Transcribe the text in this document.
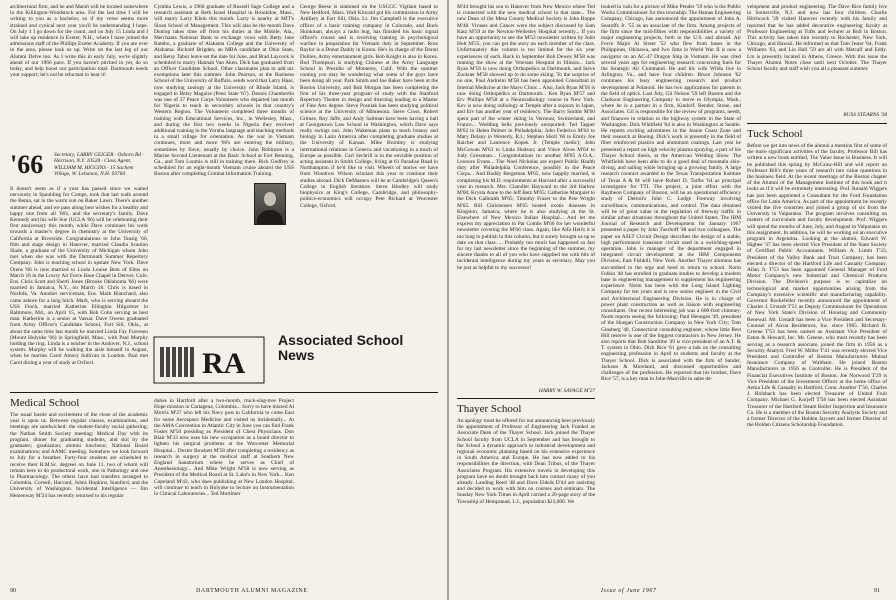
architectural firm, and he and Marsh will be located somewhere in the Killington-Woodstock area. For the last time I will be writing to you as a bachelor, so if my verse seems more strained and cynical next year you'll be understanding I hope. On July 1 I go down for the count, and on July 15 Linda and I will take up residence in Exeter, N.H., where I have joined the admissions staff of the Phillips Exeter Academy. If you are ever in the area, please look us up. Write on the last leg of our Alumni Delve too. As I write this in early July, we're slightly ahead of our 1966 pace. If you haven't pitched in yet, do so today, and help boost our participation total. Dartmouth needs your support; let's not be reluctant to hear it!
'66 Secretary, LARRY GEIGER · Osborn Rd · Harrison, N.Y. 10528 · Class Agent, WILLIAM M. HIGGINS · 15 Sachem Village, W. Lebanon, N.H. 03784
It doesn't seem as if a year has passed since we waited nervously in Spaulding for Comps, took that last walk around the Bema, sat in the warm sun on Baker Lawn. There's another summer ahead, and we pass along best wishes for a healthy and happy one from all '66's, and the secretary's family. Dave Kennedy and his wife Sue (UCLA '66) will be celebrating their first anniversary this month, while Dave continues his work towards a master's degree in chemistry at the University of California at Riverside. Congratulations to John Tausig '66, film and stage design in Hanover, married Claudia Scanlon Slade, a graduate of the University of Michigan whom John met when she was with the Dartmouth Summer Repertory Company. John is teaching school in upstate New York. Dave Orens '66 is now married to Linda Louise Bent of Elms on March 16 in the Lowry Air Force Base Chapel in Denver, Colo. Ens. Chris Scott and Sherri Jones (Brooks Oklahoma '66) were married in Jamaica, N.Y., on March 18. Chris is based in Norfolk, Va. Another serviceman, Ens. Mark Blanchard, also came ashore for a long hitch. Mark, who is serving aboard the USS Finch, married Katherine Ellington Hilgartner in Baltimore, Md., on April 15, with Bob Cohn serving as best man. Katherine is a senior at Vassar. Dave Owens graduated from Army Officer's Candidate School, Fort Sill, Okla., at about the same time last month he married Linda Fay Fravesen (Mount Holyoke '66) in Springfield, Mass., with Paul Murphy holding the ring. Linda is a teacher in the Andover, N.J., school system. Murphy will be walking the aisle himself in August, when he marries Carol Amory Sullivan in London. Paul met Carol during a year of study at Oxford.
Cynthia Lewis, a 1966 graduate of Russell Sage College and a research assistant at Beth Israel Hospital in Brookline, Mass., will marry Larry Klein this month. Larry is nearby at MIT's Sloan School of Management. This will also be the month Dave Dunlop takes time off from his duties at the Mobile, Ala., Merchants National Bank to exchange vows with Betty Jane Rambo, a graduate of Alabama College and the University of Alabama. Richard Brigden, an MBA candidate at Ohio State, and Betsy Tabor leave set the date for June, and Brad Laycock is scheduled to marry Hannah Van Aken. Dick has graduated from an Officer Candidate School. Other classmates plan to add tax exemptions later this summer. John Pearson, at the Business School of the University of Buffalo, sends word that Larry Haas, now studying zoology at the University of Rhode Island, is engaged to Betsy Maguire (Penn State '67). Dennis Chamberlin was one of 37 Peace Corps Volunteers who departed last month for Nigeria to teach in secondary schools in that country's Western Region. The Volunteers completed three months of training with Educational Services, Inc., in Wellesley, Mass., and during the first two weeks in Nigeria they received additional training in the Yoruba language and teaching methods in a small village for orientation. As the war in Vietnam continues, more and more '66's are entering the military, sometimes by force, usually by choice. John Robinson is a Marine Second Lieutenant at the Basic School at Fort Benning, Ga., and Tom Loomis is still in training there. Rick Godfrey is scheduled for an eight-month Vietnam cruise aboard the USS Boston after completing Combat Information Training.
George Reese is stationed on the USCGC Vigilant based in New Bedford, Mass. Walt Kincaid got his commission in Army Artillery at Fort Sill, Okla. Lt. Jim Campbell is the executive officer of a basic training company in Colorado, and Buck Skinkman, always a radio bug, has finished his basic signal officer's course and is receiving training in psychological warfare in preparation for Vietnam duty in September. Ross Baylor is a Donut Daddy in Korea. He's in charge of the Donut Dollies, Army entertainment girls. Bob Knight is also in Korea. Rod Thompson is studying Chinese at the Army Language School in Presidio of Monterey, Calif. With the summer coming you may be wondering what some of the guys have been doing all year. Park Smith and Joe Baker have been at the Boston University, and Bob Morgan has been completing the first of his three-year program of study with the Stanford Repertory Theater in design and directing leading to a Master of Fine Arts degree. Steve Posniak has been studying political science at the University of Minnesota. Steve Cross, Robert Grimes, Roy Jaffe, and Andy Saltman have been having a ball at Georgetown Law School in Washington, which Dave says really swings out. John Wakeman plans to teach botany and biology in Latin America after completing graduate studies at the University of Kansas. Mike Bromley is studying international relations in Geneva and vacationing in a much of Europe as possible. Carl Sechrill is in the enviable position of acting assistant in Smith College, living at 61 Paradise Road in Northampton if he'd like to visit. Wheels of stories we have from Woodrow Wilson scholars this year to continue their studies abroad. Dick DeMasters will be at Cambridge's Queen's College in English literature. Steve Hindley will study biophysics at King's College, Cambridge, and philosophy-politics-economics will occupy Pete Richard at Worcester College, Oxford.
RA
Associated School News
Medical School
The usual bustle and excitement of the close of the academic year is upon us. Between regular classes, examinations, and meetings are sandwiched: the student-faculty social gathering; the Nathan Smith Society meeting; Medical Day with its program, dinner for graduating students, and skit by the graduates; graduation; alumni luncheon; National Board examinations; and AAMC meeting. Somehow we look forward to July for a breather. Forty-four students are scheduled to receive their B.M.Sc. degrees on June 11, two of whom will remain here to do productoral work, one in Pathology and one in Pharmacology. The others have had transfers arranged to Columbia, Cornell, Harvard, Johns Hopkins, Stanford, and the University of Washington. Incidental Intelligence — Jim Hemenway M'24 has recently returned to his regular
duties in Hartford after a two-month, truck-sing-tree Project Hope mission in Cartagena, Colombia... Sorry to have missed Al Morris M'27 who left his Navy post in California to come East for some Aerospace Medicine and visited us incidentally... At the AMA Convention in Atlantic City in June you can find Frank Foster M'50 presiding as President of Chest Physicians. Don Blair M'33 now uses his new occupation as a board director to lighten his surgical problems at the Worcester Memorial Hospital... Dexter Bowkett M'58 after completing a residency as research in surgery at the medical staff at Southern New England Sanatorium where he serves as Chief of Anesthesiology... And Mike Wright M'58 is now serving as President of the Medical Board at St. Luke's in New York... Ken Copeland M'43, who does publishing at New London Hospital, will continue to teach in Holyoke to lecture on Instrumentation in Clinical Laboratories... Ted Mortimer
90	DARTMOUTH ALUMNI MAGAZINE
M'44 brought his son to Hanover from New Mexico where Ted is connected with the new medical school in that state... The new Dean of the Mesa County Medical Society is John Roppe M'48. Viruses and Cancer were the subject discussed by Sam Katz M'59 at the Newton-Wellesley Hospital recently... If you have an opportunity to see the M'52 newsletter written by John Holt M'55, you can get the story on each member of the class. Unfortunately this column is too limited for the six year experiences of each. Back in September Bob Dewey M'58 was running the show at the Veterans Hospital in Illinois... Jack Ryan M'56 is now doing Orthopedics at Dartmouth, and Steve Zuckner M'58 showed up to do some skiing. To the surprise of no one, Paul Andreini M'58 has been appointed Consultant in Internal Medicine at the Mayo Clinic... Also, Jack Ryan M'56 is now doing Orthopedics at Dartmouth... Ken Ryan M'57 and Erv Phillips M'58 at a Neuroradiology course in New York. Kev is now doing radiology at Temple after a sojourn in Japan, and Erv has another year of residency. The Barry Smiths M'60 spent part of the winter skiing in Vermont, Switzerland, and France... Wedding bells previously unreported: Ted Tapper M'62 to Helen Palmer in Philadelphia; John Federico M'64 to Mary Delany in Westerly, R.I.; Stephen Sholl '66 to Emily Joe Raicher and Laurence Kopek Jr. (Temple medic); John McGowan M'63 to Linda Hudson; and Vince Alves M'64 to Judy Grossman... Congratulations to: another M'65 A.O.A.: Leonore Evans... The Noel Nicholas are expect Public Health duty after Philadelphia Conference, possibly in the Peace Corps... And Buddy Bergeman M'65, now happily married, is completing his M.D. requirements at Harvard after a successful year in research. Mrs. Chandler Hayward to the 3rd Harlow M'60; Krysta Anne to the Jeff Betz M'65; Catherine Margaret to the Dick Galbraith M'65; Timothy Fraser to the Pete Wright M'65. Bill Christensen M'65 hosted exotic diseases in Kingston, Jamaica, where he is also studying at the St. Elsewhere of New Mexico Indian Hospital... And let me express my appreciation to Pat Combs M'66 for her wonderful newsletter covering the M'66 class. Again, like Alfa Heil's it is too long to publish in this column, but it surely brought us up to date on that class. ... Probably too much has happened so fast for my last newsletter since the beginning of the summer, my sincere thanks to all of you who have supplied me with bits of incidental intelligence during my years as secretary. May you be just as helpful to my successor!
HARRY W. SAVAGE M'27
Thayer School
An apology must be offered for not announcing here previously the appointment of Professor of Engineering Jack Frankel as Associate Dean of the Thayer School. Jack joined the Thayer School faculty from UCLA in September and has brought to the School a dynamic approach to industrial development and regional economic planning based on his extensive experience in South America and Europe. He has now added to his responsibilities the direction, with Dean Tribus, of the Thayer Associates Program. His extensive travels in developing this program have no doubt brought back into contact many of you already. Landing Reed '48 and Dave Eldeik D'44 are assisting and decided to work with him on courses and seminars. The Sunday New York Times in April carried a 20-page story of the Township of Hempstead, L.I., population $23,000. We
looked in vain for a picture of Mike Pender '59 who is the Public Works Commissioner for this township. The Hamas Engineering Company, Chicago, has announced the appointment of John A. Searoffs Jr. '55 as an associate of the firm. Among projects of the firm since the mid-fifties with responsibilities a variety of major engineering projects, both in the U.S. and abroad. Air Force Major Al Street '52 who flew from bases in the Philippines, Okinawa, and Iwo Jima in World War II is now a navigator on an AC-47 Dragon Ship in Vietnam. He was cited several years ago for engineering research concerning fuels for the Strategic Air Command. He and his wife Wilda live in Arlington, Va., and have four children. Bruce Johnson '62 continues his busy engineering research and product development at Polaroid. He has two applications for patents in the field of optics. Last July, Gil Nelson '59 left Boston and the Clarkson Engineering Company to move to Olympia, Wash., where he is a partner in a firm, Kindorf, Bender, Stone, and Associates. Gil is responsible for the review of programs, needs, and finances in relation to the highway system in the State of Washington. Dick Whitfield '64 is also in Washington at Seattle. He reports exciting adventures in the Jeanie Coast Zone and their research at Boeing. Dick's work is presently in the field of fiber reinforced plastics and aluminum coatings. Last year he presented a report on high velocity plasma spraying, a part of his Thayer School thesis, at the American Welding Show. The Whitfields have been able to do a good deal of mountain skin-diving, and sailing while bringing up a growing family. A large research contract awarded to the Texas Transportation Institute of Texas A & M will have Robert D. Tarlbs '64 as principal investigator for TTI. The project, a joint effort with the Raytheon Company of Boston, will be an operational efficiency study of Detroit's John C. Lodge Freeway involving surveillance, communications, and control. The data obtained will be of great value in the regulation of freeway traffic in similar urban situations throughout the United States. The IBM Journal of Research and Development for January 1967 presented a paper by John Tuerhoff '48 and two colleagues. The paper on ASLT Circuit Design describes the design of a stable, high performance transistor circuit used in a switching-speed operation. John is manager of the department engaged in integrated circuit development at the IBM Components Division, East Fishkill, New York. Another Thayer alumnus has succumbed to the urge and heed to return to school. Norm Fulkin '48 has enrolled in graduate studies to develop a modern base in engineering management to supplement his engineering experience. Norm has been with the Long Island Lighting Company for ten years and is now senior engineer in the Civil and Architectural Engineering Division. He is in charge of power plant construction as well as liaison with engineering consultants. One recent interesting job was a 600-foot chimney. Norm reports seeing the following: Paul Henegan '49, president of the Hoegan Construction Company in New York City; Tom Ginsberg '40, Connecticut consulting engineer, whose little Rest Hill reserve is one of the biggest contractors in New Jersey. He also reports that Bob Sandrine '49 is vice president of an A.T. & T. system in Ohio. Dick Rice '61 gave a talk on the consulting engineering profession in April to students and faculty at the Thayer School. Dick is associated with the firm of Sander, Jackson & Moreland, and discussed opportunities and challenges of the profession. He reported that his brother, Dave Rice '57, is a key man in John-Manville in sales de-
velopment and product engineering. The Dave Rice family live in Somerville, N.J. and now has four children. Charlie Hitchcock '39 visited Hanover recently with his family and reported that he has added decorative engineering faculty at Professor Engineering at Tufts and lecturer at Bull in Boston. This activity has taken him recently to Rochester, New York, Chicago, and Hawaii. He informed us that Tom Jester '64, Frank Williams '63, and Lin Hall '59 are all with Metcalf and Eddy. Lin is presently located in Athens, Greece. With this issue the Thayer Alumni Notes close until next October. The Thayer School faculty and staff wish you all a pleasant summer.
RUSS STEARNS '38
Tuck School
Before we get into news of the alumni a mention first of some of the more significant activities of the faculty. Professor Bill has written a new book entitled, The Value Issue in Business. It will be published this spring by McGraw-Hill and will report on Professor Bill's three years of research into value questions in the business field. At the recent meetings of the Boston chapter of the Alumni of the Management Institute of this book and it looks as if it will be extremely interesting. Prof. Ronald Wiggers has just been appointed a Consultant for the Ford Foundation office for Latin America. As part of the appointment he recently visited the five countries and joined a group of six from the University in Valparaiso. The program involves consulting on matters of curriculum and faculty development. Prof. Wiggers will spend the months of June, July, and August in Valparaiso on this assignment. In addition, he will be working on an executive program in Argentina. Looking at the alumni, Edward W. Higbee '37 has been elected Vice President of the State Society of Certified Public Accountants. William A. Limm T'33, President of the Valley Bank and Trust Company, has been elected a director of the Hartford Life and Casualty Company. Allan Jr. T'53 has been appointed General Manager of Ford Motor Company's new Industrial and Chemical Products Division. The Division's purpose is to capitalize on technological and market opportunities arising from the Company's extensive scientific and manufacturing capability. Governor Rockefeller recently announced the appointment of Charles J. Urstadt T'51 as Deputy Commissioner for Operations of New York State's Division of Housing and Community Renewal. Mr. Urstadt has been a Vice President and Secretary-Counsel of Alcoa Residences, Inc. since 1965. Richard H. Greene T'53 has been named an Assistant Vice President of Eaton & Howard, Inc. Mr. Greene, who most recently has been serving as a research associate, joined the firm in 1956 as a Security Analyst. Fred W. Miller T'41 was recently elected Vice President and Controller of Boston Manufacturers Mutual Insurance Company of Waltham. He joined Boston Manufacturers in 1956 as Controller. He is President of the Financial Executives Institute of Boston. Joe Norwood T'29 is Vice President of the Investment Officer at the home office of Aetna Life & Casualty in Hartford, Conn. Another T'56, Charles J. Holzbach has been elected Treasurer of United Fruit Company. Michael G. Korjeff T'58 has been elected Assistant Treasurer of the Hartford Steam Boiler Inspection and Insurance Co. He is a member of the Boston Security Analysts Society and a former Director of the Holden Jaycees and former Director of the Holden Citizens Scholarship Foundation.
Issue of June 1967	91
